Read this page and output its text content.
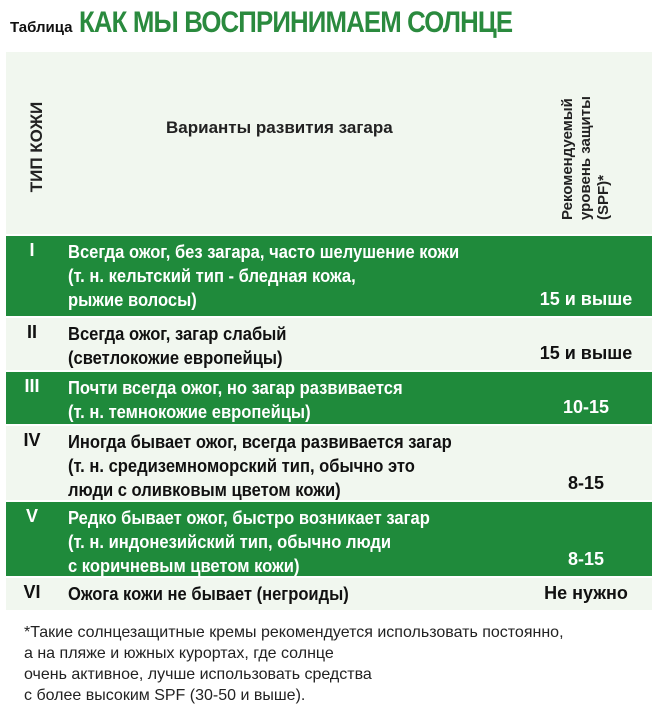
Таблица КАК МЫ ВОСПРИНИМАЕМ СОЛНЦЕ
ТИП КОЖИ	Варианты развития загара	Рекомендуемый уровень защиты (SPF)*
I	Всегда ожог, без загара, часто шелушение кожи
(т. н. кельтский тип - бледная кожа,
рыжие волосы)	15 и выше
II	Всегда ожог, загар слабый
(светлокожие европейцы)	15 и выше
III	Почти всегда ожог, но загар развивается
(т. н. темнокожие европейцы)	10-15
IV	Иногда бывает ожог, всегда развивается загар
(т. н. средиземноморский тип, обычно это
люди с оливковым цветом кожи)	8-15
V	Редко бывает ожог, быстро возникает загар
(т. н. индонезийский тип, обычно люди
с коричневым цветом кожи)	8-15
VI	Ожога кожи не бывает (негроиды)	Не нужно
*Такие солнцезащитные кремы рекомендуется использовать постоянно,
а на пляже и южных курортах, где солнце
очень активное, лучше использовать средства
с более высоким SPF (30-50 и выше).
